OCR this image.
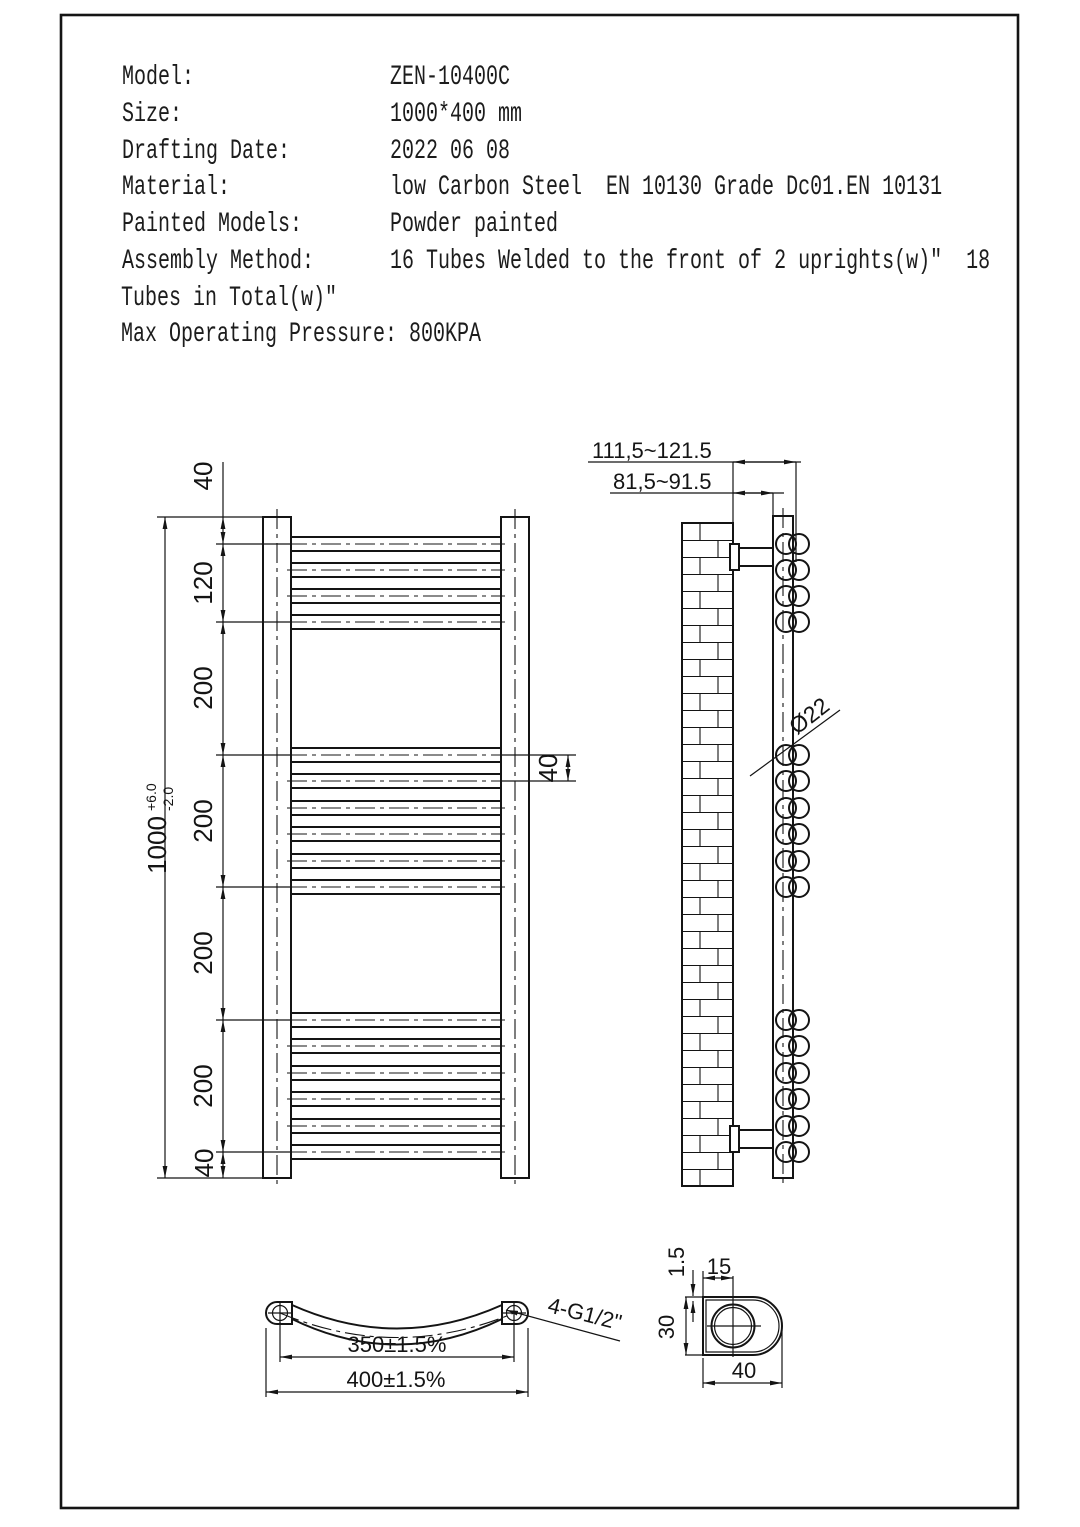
40
120
200
200
200
200
40
1000
+6.0 -2.0
40
111,5~121.5
81,5~91.5
Ø22
350±1.5%
400±1.5%
4-G1/2"
15
1.5
30
40

Model:

	ZEN-10400C

Size:

	1000*400 mm

Drafting Date:

	2022 06 08

Material:

	low Carbon Steel  EN 10130 Grade Dc01.EN 10131

Painted Models:

	Powder painted

Assembly Method:

	16 Tubes Welded to the front of 2 uprights(w)"  18

Tubes in Total(w)"

Max Operating Pressure: 800KPA
